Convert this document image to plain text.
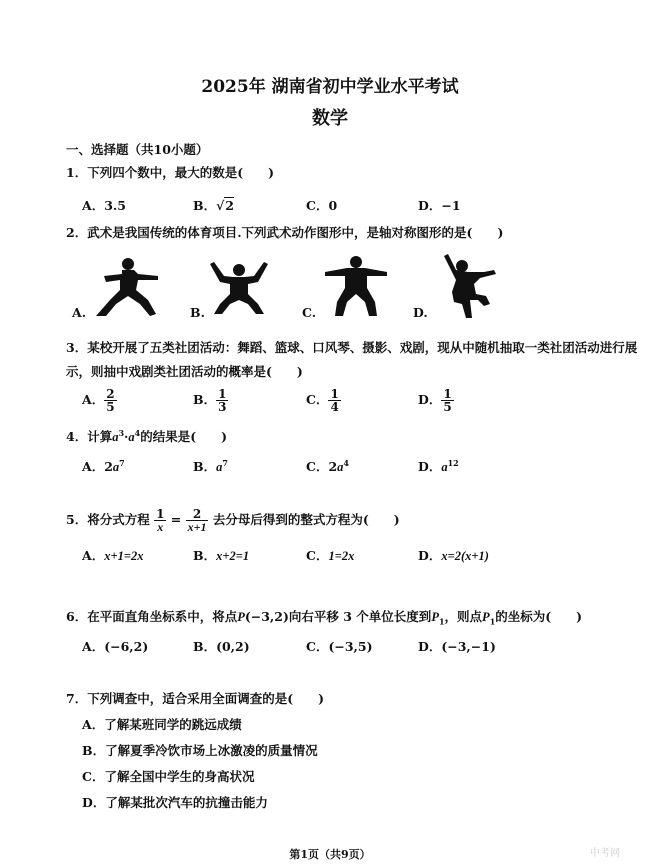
2025年 湖南省初中学业水平考试
数学
一、选择题（共10小题）
1．下列四个数中，最大的数是(　　)
A．3.5	B．√2	C．0	D．−1
2．武术是我国传统的体育项目.下列武术动作图形中，是轴对称图形的是(　　)
A.	B.	C.	D.
3．某校开展了五类社团活动：舞蹈、篮球、口风琴、摄影、戏剧，现从中随机抽取一类社团活动进行展
示，则抽中戏剧类社团活动的概率是(　　)
A． $\frac{2}{5}$	B． $\frac{1}{3}$	C． $\frac{1}{4}$	D． $\frac{1}{5}$
4．计算$a^3\cdot a^4$的结果是(　　)
A．$2a^7$	B．$a^7$	C．$2a^4$	D．$a^{12}$
5．将分式方程 $\frac{1}{x} = \frac{2}{x+1}$ 去分母后得到的整式方程为(　　)
A．x+1=2x	B．x+2=1	C．1=2x	D．x=2(x+1)
6．在平面直角坐标系中，将点P(−3,2)向右平移 3 个单位长度到$P_1$，则点$P_1$的坐标为(　　)
A．(−6,2)	B．(0,2)	C．(−3,5)	D．(−3,−1)
7．下列调查中，适合采用全面调查的是(　　)
A．了解某班同学的跳远成绩
B．了解夏季冷饮市场上冰激凌的质量情况
C．了解全国中学生的身高状况
D．了解某批次汽车的抗撞击能力
第1页（共9页）	中考网
